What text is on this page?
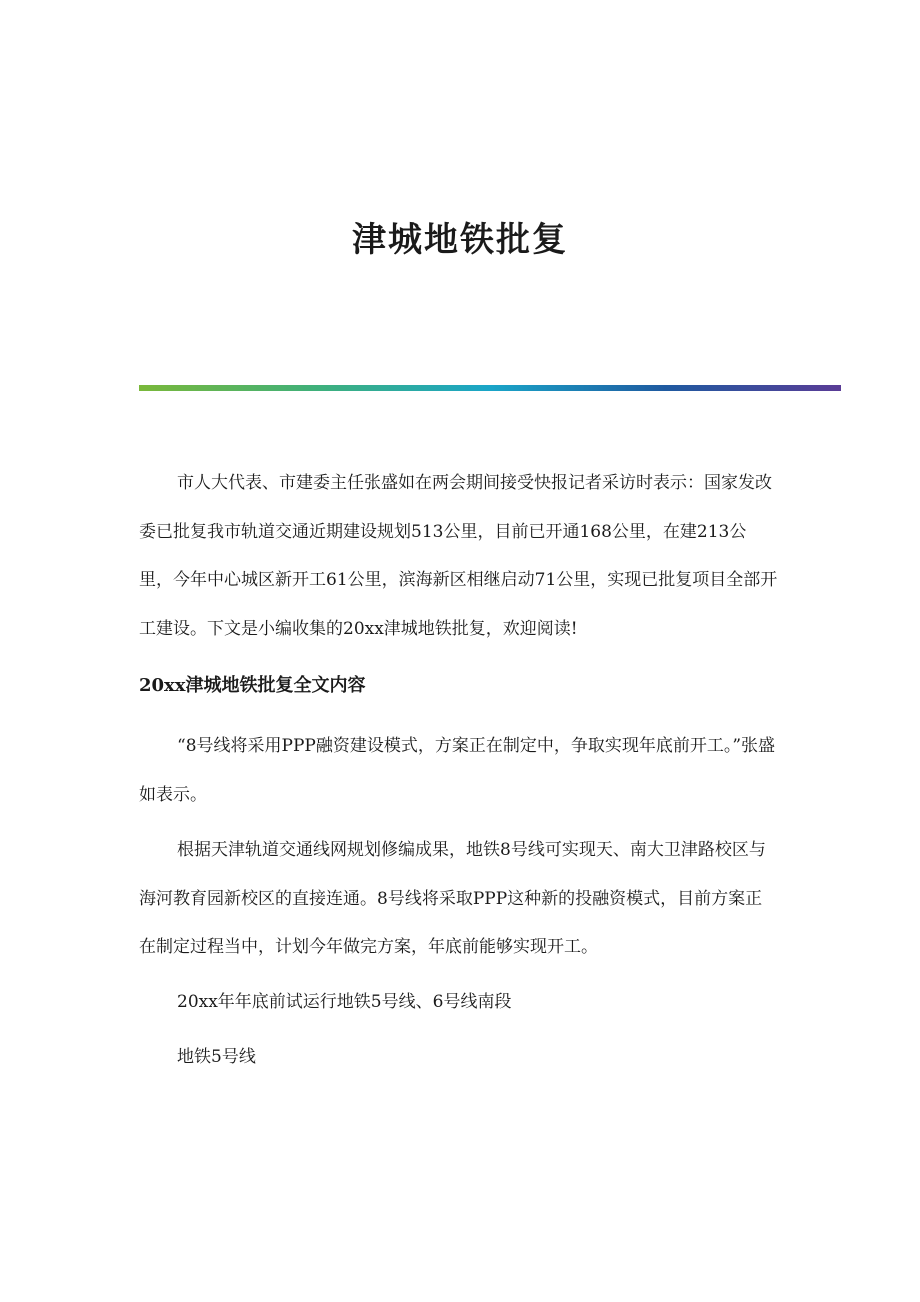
津城地铁批复

市人大代表、市建委主任张盛如在两会期间接受快报记者采访时表示：国家发改委已批复我市轨道交通近期建设规划513公里，目前已开通168公里，在建213公里，今年中心城区新开工61公里，滨海新区相继启动71公里，实现已批复项目全部开工建设。下文是小编收集的20xx津城地铁批复，欢迎阅读!

20xx津城地铁批复全文内容

“8号线将采用PPP融资建设模式，方案正在制定中，争取实现年底前开工。”张盛如表示。

根据天津轨道交通线网规划修编成果，地铁8号线可实现天、南大卫津路校区与海河教育园新校区的直接连通。8号线将采取PPP这种新的投融资模式，目前方案正在制定过程当中，计划今年做完方案，年底前能够实现开工。

20xx年年底前试运行地铁5号线、6号线南段

地铁5号线
